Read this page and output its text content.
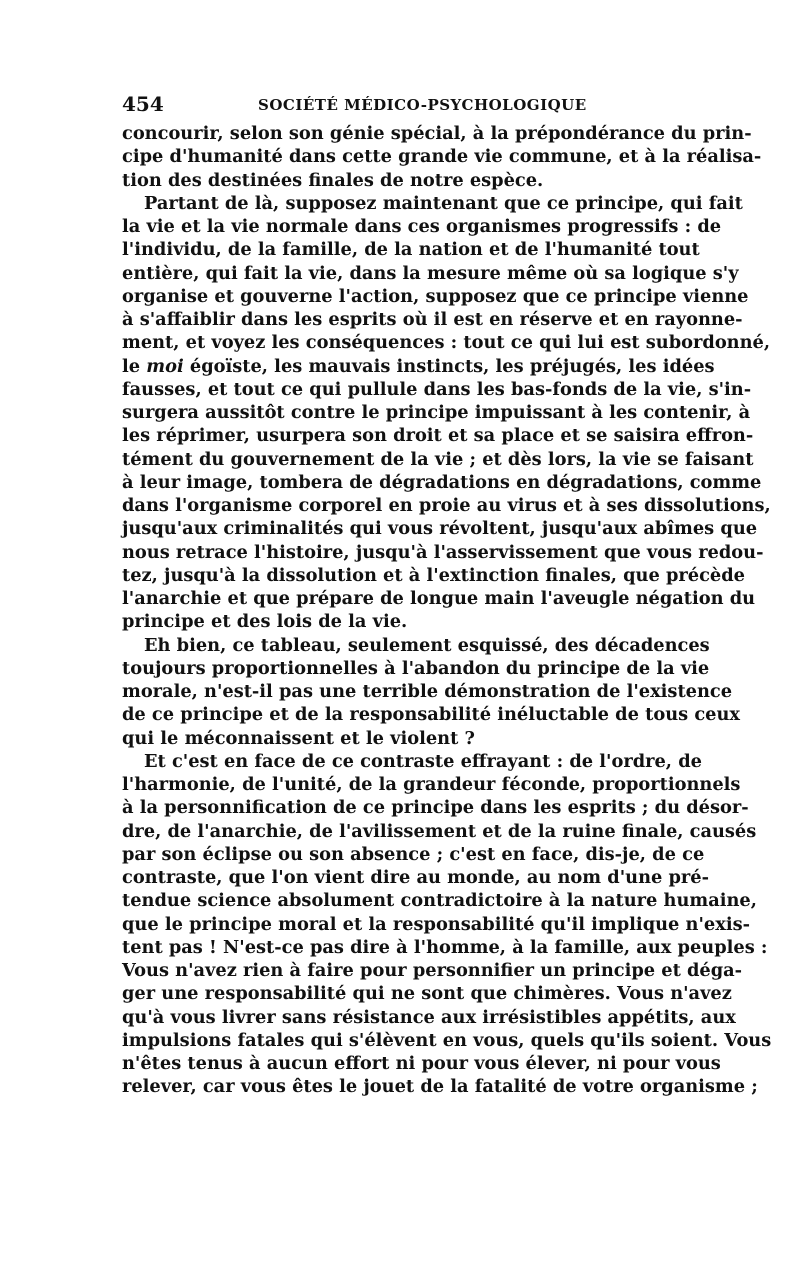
454	SOCIÉTÉ MÉDICO-PSYCHOLOGIQUE
concourir, selon son génie spécial, à la prépondérance du prin-
cipe d'humanité dans cette grande vie commune, et à la réalisa-
tion des destinées finales de notre espèce.
Partant de là, supposez maintenant que ce principe, qui fait
la vie et la vie normale dans ces organismes progressifs : de
l'individu, de la famille, de la nation et de l'humanité tout
entière, qui fait la vie, dans la mesure même où sa logique s'y
organise et gouverne l'action, supposez que ce principe vienne
à s'affaiblir dans les esprits où il est en réserve et en rayonne-
ment, et voyez les conséquences : tout ce qui lui est subordonné,
le moi égoïste, les mauvais instincts, les préjugés, les idées
fausses, et tout ce qui pullule dans les bas-fonds de la vie, s'in-
surgera aussitôt contre le principe impuissant à les contenir, à
les réprimer, usurpera son droit et sa place et se saisira effron-
tément du gouvernement de la vie ; et dès lors, la vie se faisant
à leur image, tombera de dégradations en dégradations, comme
dans l'organisme corporel en proie au virus et à ses dissolutions,
jusqu'aux criminalités qui vous révoltent, jusqu'aux abîmes que
nous retrace l'histoire, jusqu'à l'asservissement que vous redou-
tez, jusqu'à la dissolution et à l'extinction finales, que précède
l'anarchie et que prépare de longue main l'aveugle négation du
principe et des lois de la vie.
Eh bien, ce tableau, seulement esquissé, des décadences
toujours proportionnelles à l'abandon du principe de la vie
morale, n'est-il pas une terrible démonstration de l'existence
de ce principe et de la responsabilité inéluctable de tous ceux
qui le méconnaissent et le violent ?
Et c'est en face de ce contraste effrayant : de l'ordre, de
l'harmonie, de l'unité, de la grandeur féconde, proportionnels
à la personnification de ce principe dans les esprits ; du désor-
dre, de l'anarchie, de l'avilissement et de la ruine finale, causés
par son éclipse ou son absence ; c'est en face, dis-je, de ce
contraste, que l'on vient dire au monde, au nom d'une pré-
tendue science absolument contradictoire à la nature humaine,
que le principe moral et la responsabilité qu'il implique n'exis-
tent pas ! N'est-ce pas dire à l'homme, à la famille, aux peuples :
Vous n'avez rien à faire pour personnifier un principe et déga-
ger une responsabilité qui ne sont que chimères. Vous n'avez
qu'à vous livrer sans résistance aux irrésistibles appétits, aux
impulsions fatales qui s'élèvent en vous, quels qu'ils soient. Vous
n'êtes tenus à aucun effort ni pour vous élever, ni pour vous
relever, car vous êtes le jouet de la fatalité de votre organisme ;
